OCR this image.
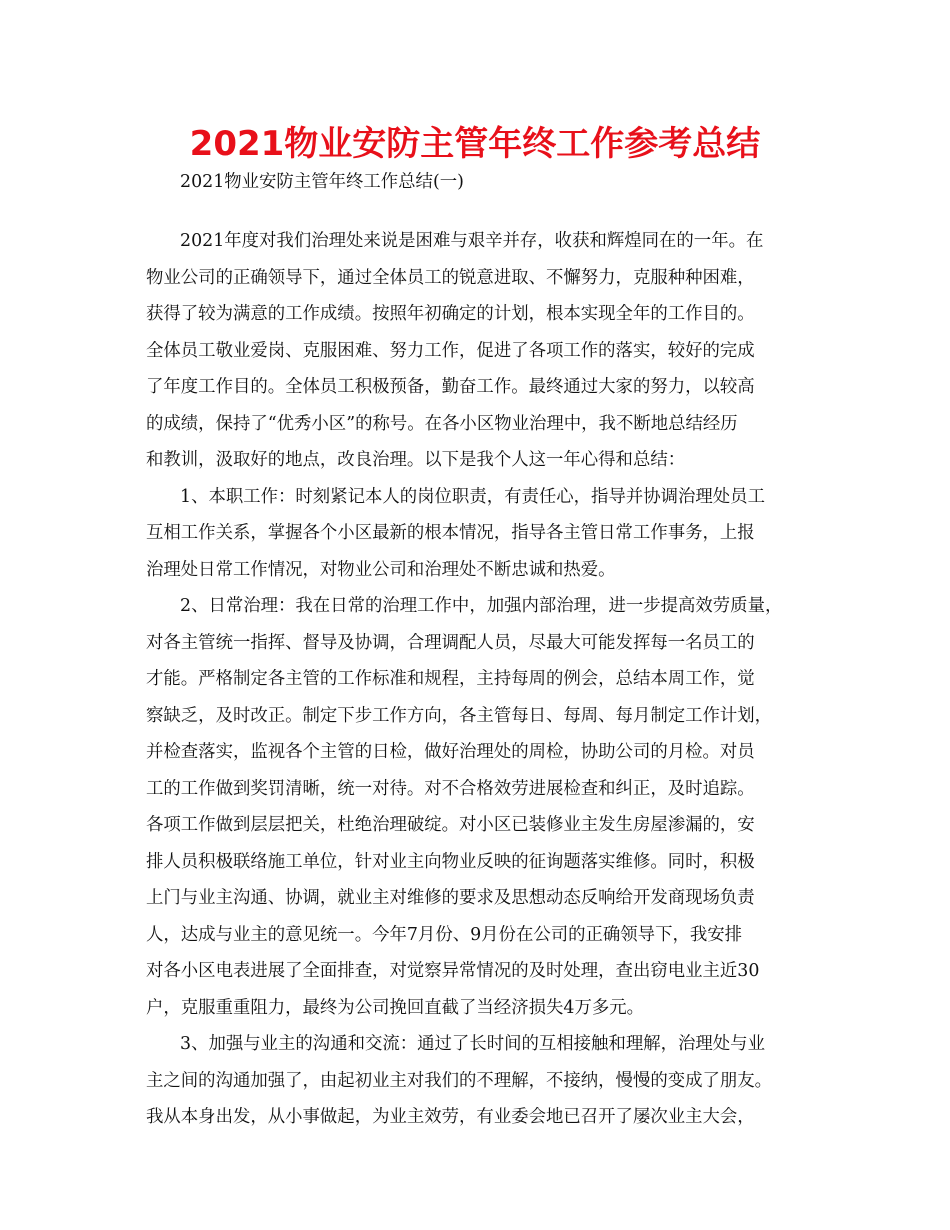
2021物业安防主管年终工作参考总结
2021物业安防主管年终工作总结(一)
2021年度对我们治理处来说是困难与艰辛并存，收获和辉煌同在的一年。在
物业公司的正确领导下，通过全体员工的锐意进取、不懈努力，克服种种困难，
获得了较为满意的工作成绩。按照年初确定的计划，根本实现全年的工作目的。
全体员工敬业爱岗、克服困难、努力工作，促进了各项工作的落实，较好的完成
了年度工作目的。全体员工积极预备，勤奋工作。最终通过大家的努力，以较高
的成绩，保持了“优秀小区”的称号。在各小区物业治理中，我不断地总结经历
和教训，汲取好的地点，改良治理。以下是我个人这一年心得和总结：
1、本职工作：时刻紧记本人的岗位职责，有责任心，指导并协调治理处员工
互相工作关系，掌握各个小区最新的根本情况，指导各主管日常工作事务，上报
治理处日常工作情况，对物业公司和治理处不断忠诚和热爱。
2、日常治理：我在日常的治理工作中，加强内部治理，进一步提高效劳质量，
对各主管统一指挥、督导及协调，合理调配人员，尽最大可能发挥每一名员工的
才能。严格制定各主管的工作标准和规程，主持每周的例会，总结本周工作，觉
察缺乏，及时改正。制定下步工作方向，各主管每日、每周、每月制定工作计划，
并检查落实，监视各个主管的日检，做好治理处的周检，协助公司的月检。对员
工的工作做到奖罚清晰，统一对待。对不合格效劳进展检查和纠正，及时追踪。
各项工作做到层层把关，杜绝治理破绽。对小区已装修业主发生房屋渗漏的，安
排人员积极联络施工单位，针对业主向物业反映的征询题落实维修。同时，积极
上门与业主沟通、协调，就业主对维修的要求及思想动态反响给开发商现场负责
人，达成与业主的意见统一。今年7月份、9月份在公司的正确领导下，我安排
对各小区电表进展了全面排查，对觉察异常情况的及时处理，查出窃电业主近30
户，克服重重阻力，最终为公司挽回直截了当经济损失4万多元。
3、加强与业主的沟通和交流：通过了长时间的互相接触和理解，治理处与业
主之间的沟通加强了，由起初业主对我们的不理解，不接纳，慢慢的变成了朋友。
我从本身出发，从小事做起，为业主效劳，有业委会地已召开了屡次业主大会，
